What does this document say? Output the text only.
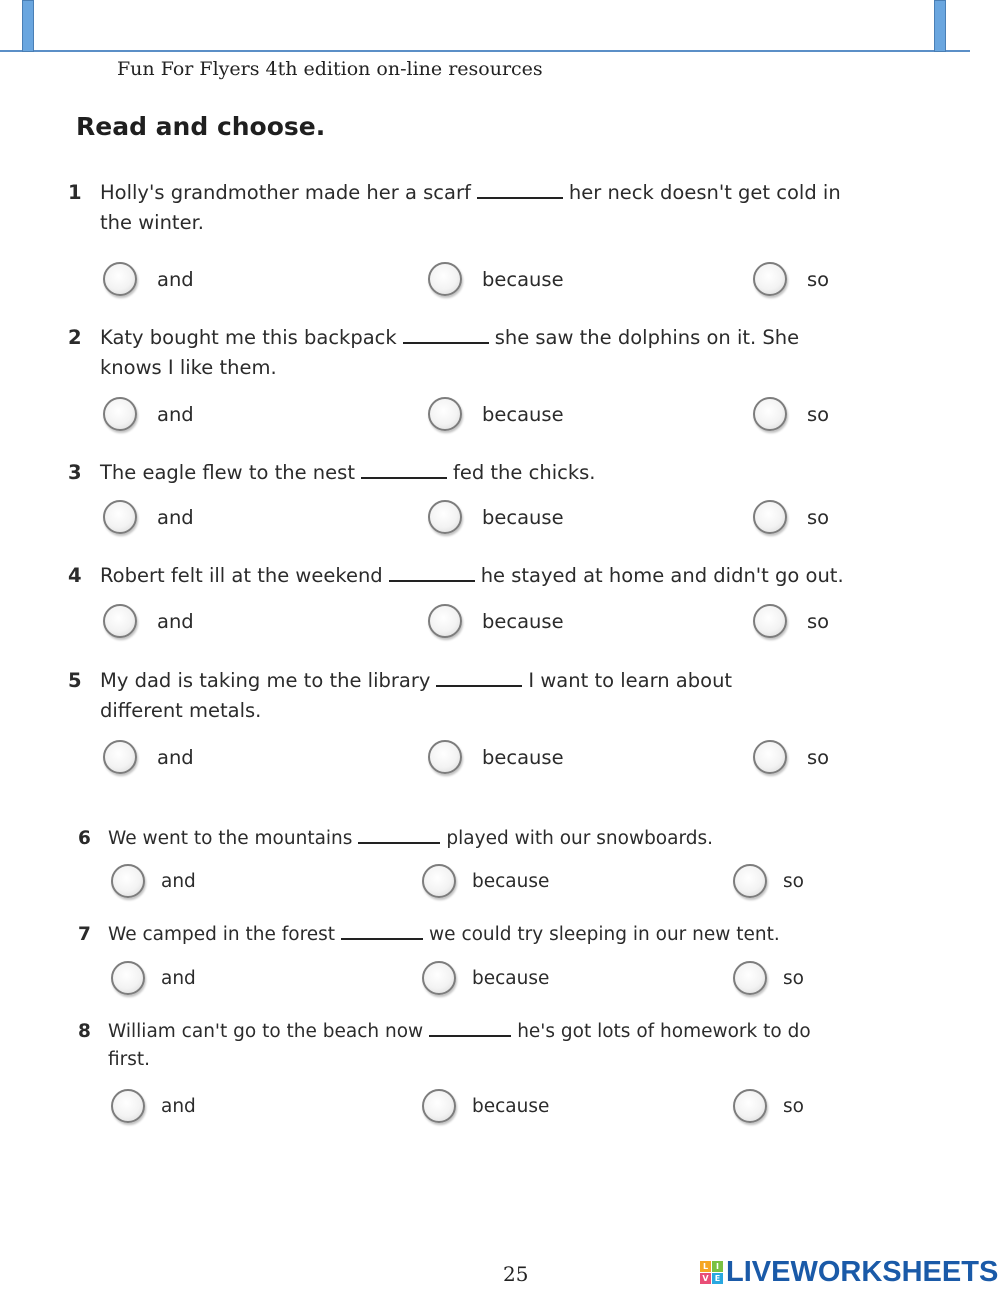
Fun For Flyers 4th edition on-line resources

Read and choose.
1 Holly's grandmother made her a scarf	her neck doesn't get cold in
the winter.
and	because	so
2 Katy bought me this backpack	she saw the dolphins on it. She
knows I like them.
and	because	so
3 The eagle flew to the nest	fed the chicks.
and	because	so
4 Robert felt ill at the weekend	he stayed at home and didn't go out.
and	because	so
5 My dad is taking me to the library	I want to learn about
different metals.
and	because	so
6 We went to the mountains	played with our snowboards.
and	because	so
7 We camped in the forest	we could try sleeping in our new tent.
and	because	so
8 William can't go to the beach now	he's got lots of homework to do
first.
and	because	so

25	L I
V E LIVEWORKSHEETS
